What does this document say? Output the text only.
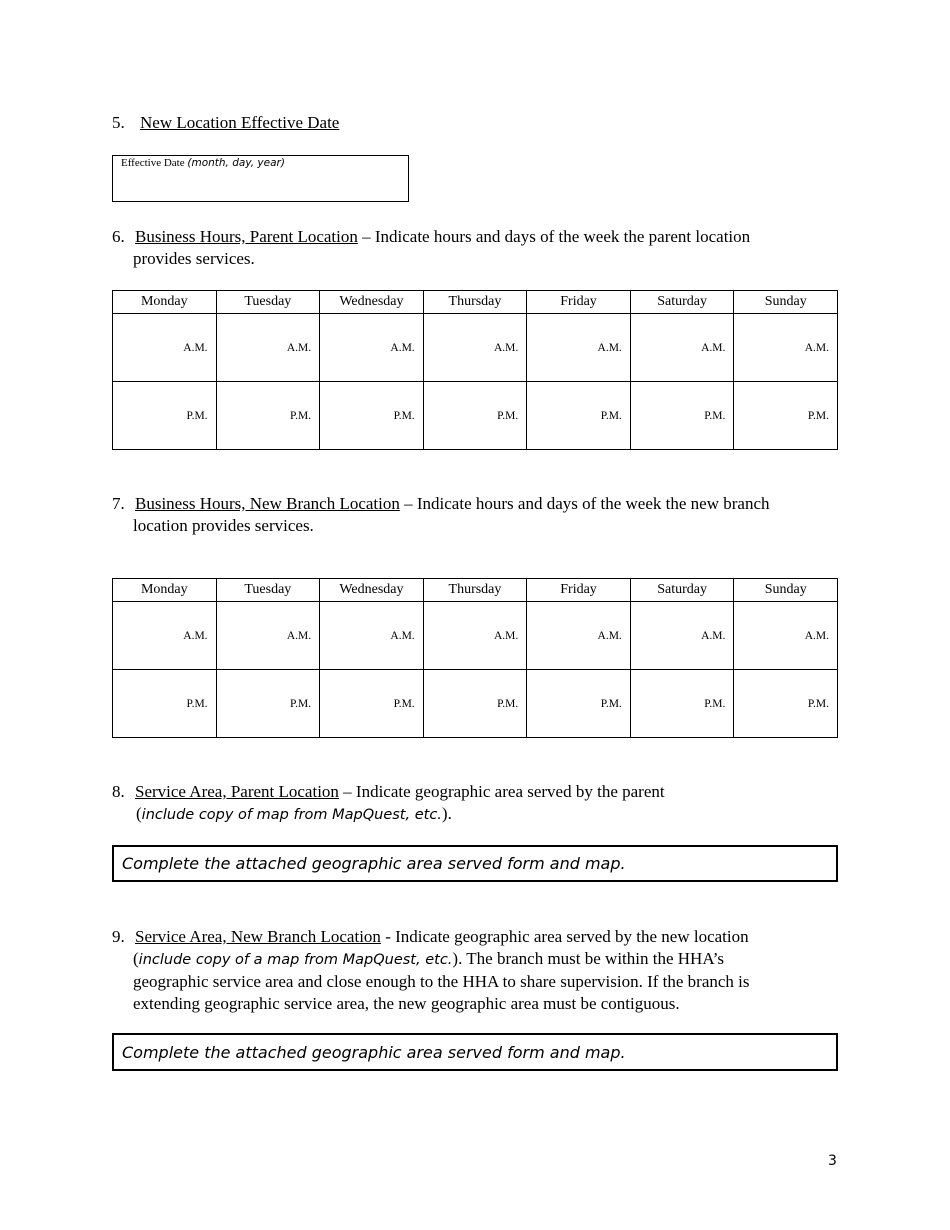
5. New Location Effective Date
Effective Date (month, day, year)
6. Business Hours, Parent Location – Indicate hours and days of the week the parent location
provides services.
Monday	Tuesday	Wednesday	Thursday	Friday	Saturday	Sunday
A.M.	A.M.	A.M.	A.M.	A.M.	A.M.	A.M.
P.M.	P.M.	P.M.	P.M.	P.M.	P.M.	P.M.
7. Business Hours, New Branch Location – Indicate hours and days of the week the new branch
location provides services.
Monday	Tuesday	Wednesday	Thursday	Friday	Saturday	Sunday
A.M.	A.M.	A.M.	A.M.	A.M.	A.M.	A.M.
P.M.	P.M.	P.M.	P.M.	P.M.	P.M.	P.M.
8. Service Area, Parent Location – Indicate geographic area served by the parent
(include copy of map from MapQuest, etc.).
Complete the attached geographic area served form and map.
9. Service Area, New Branch Location - Indicate geographic area served by the new location
(include copy of a map from MapQuest, etc.). The branch must be within the HHA’s
geographic service area and close enough to the HHA to share supervision. If the branch is
extending geographic service area, the new geographic area must be contiguous.
Complete the attached geographic area served form and map.
3
